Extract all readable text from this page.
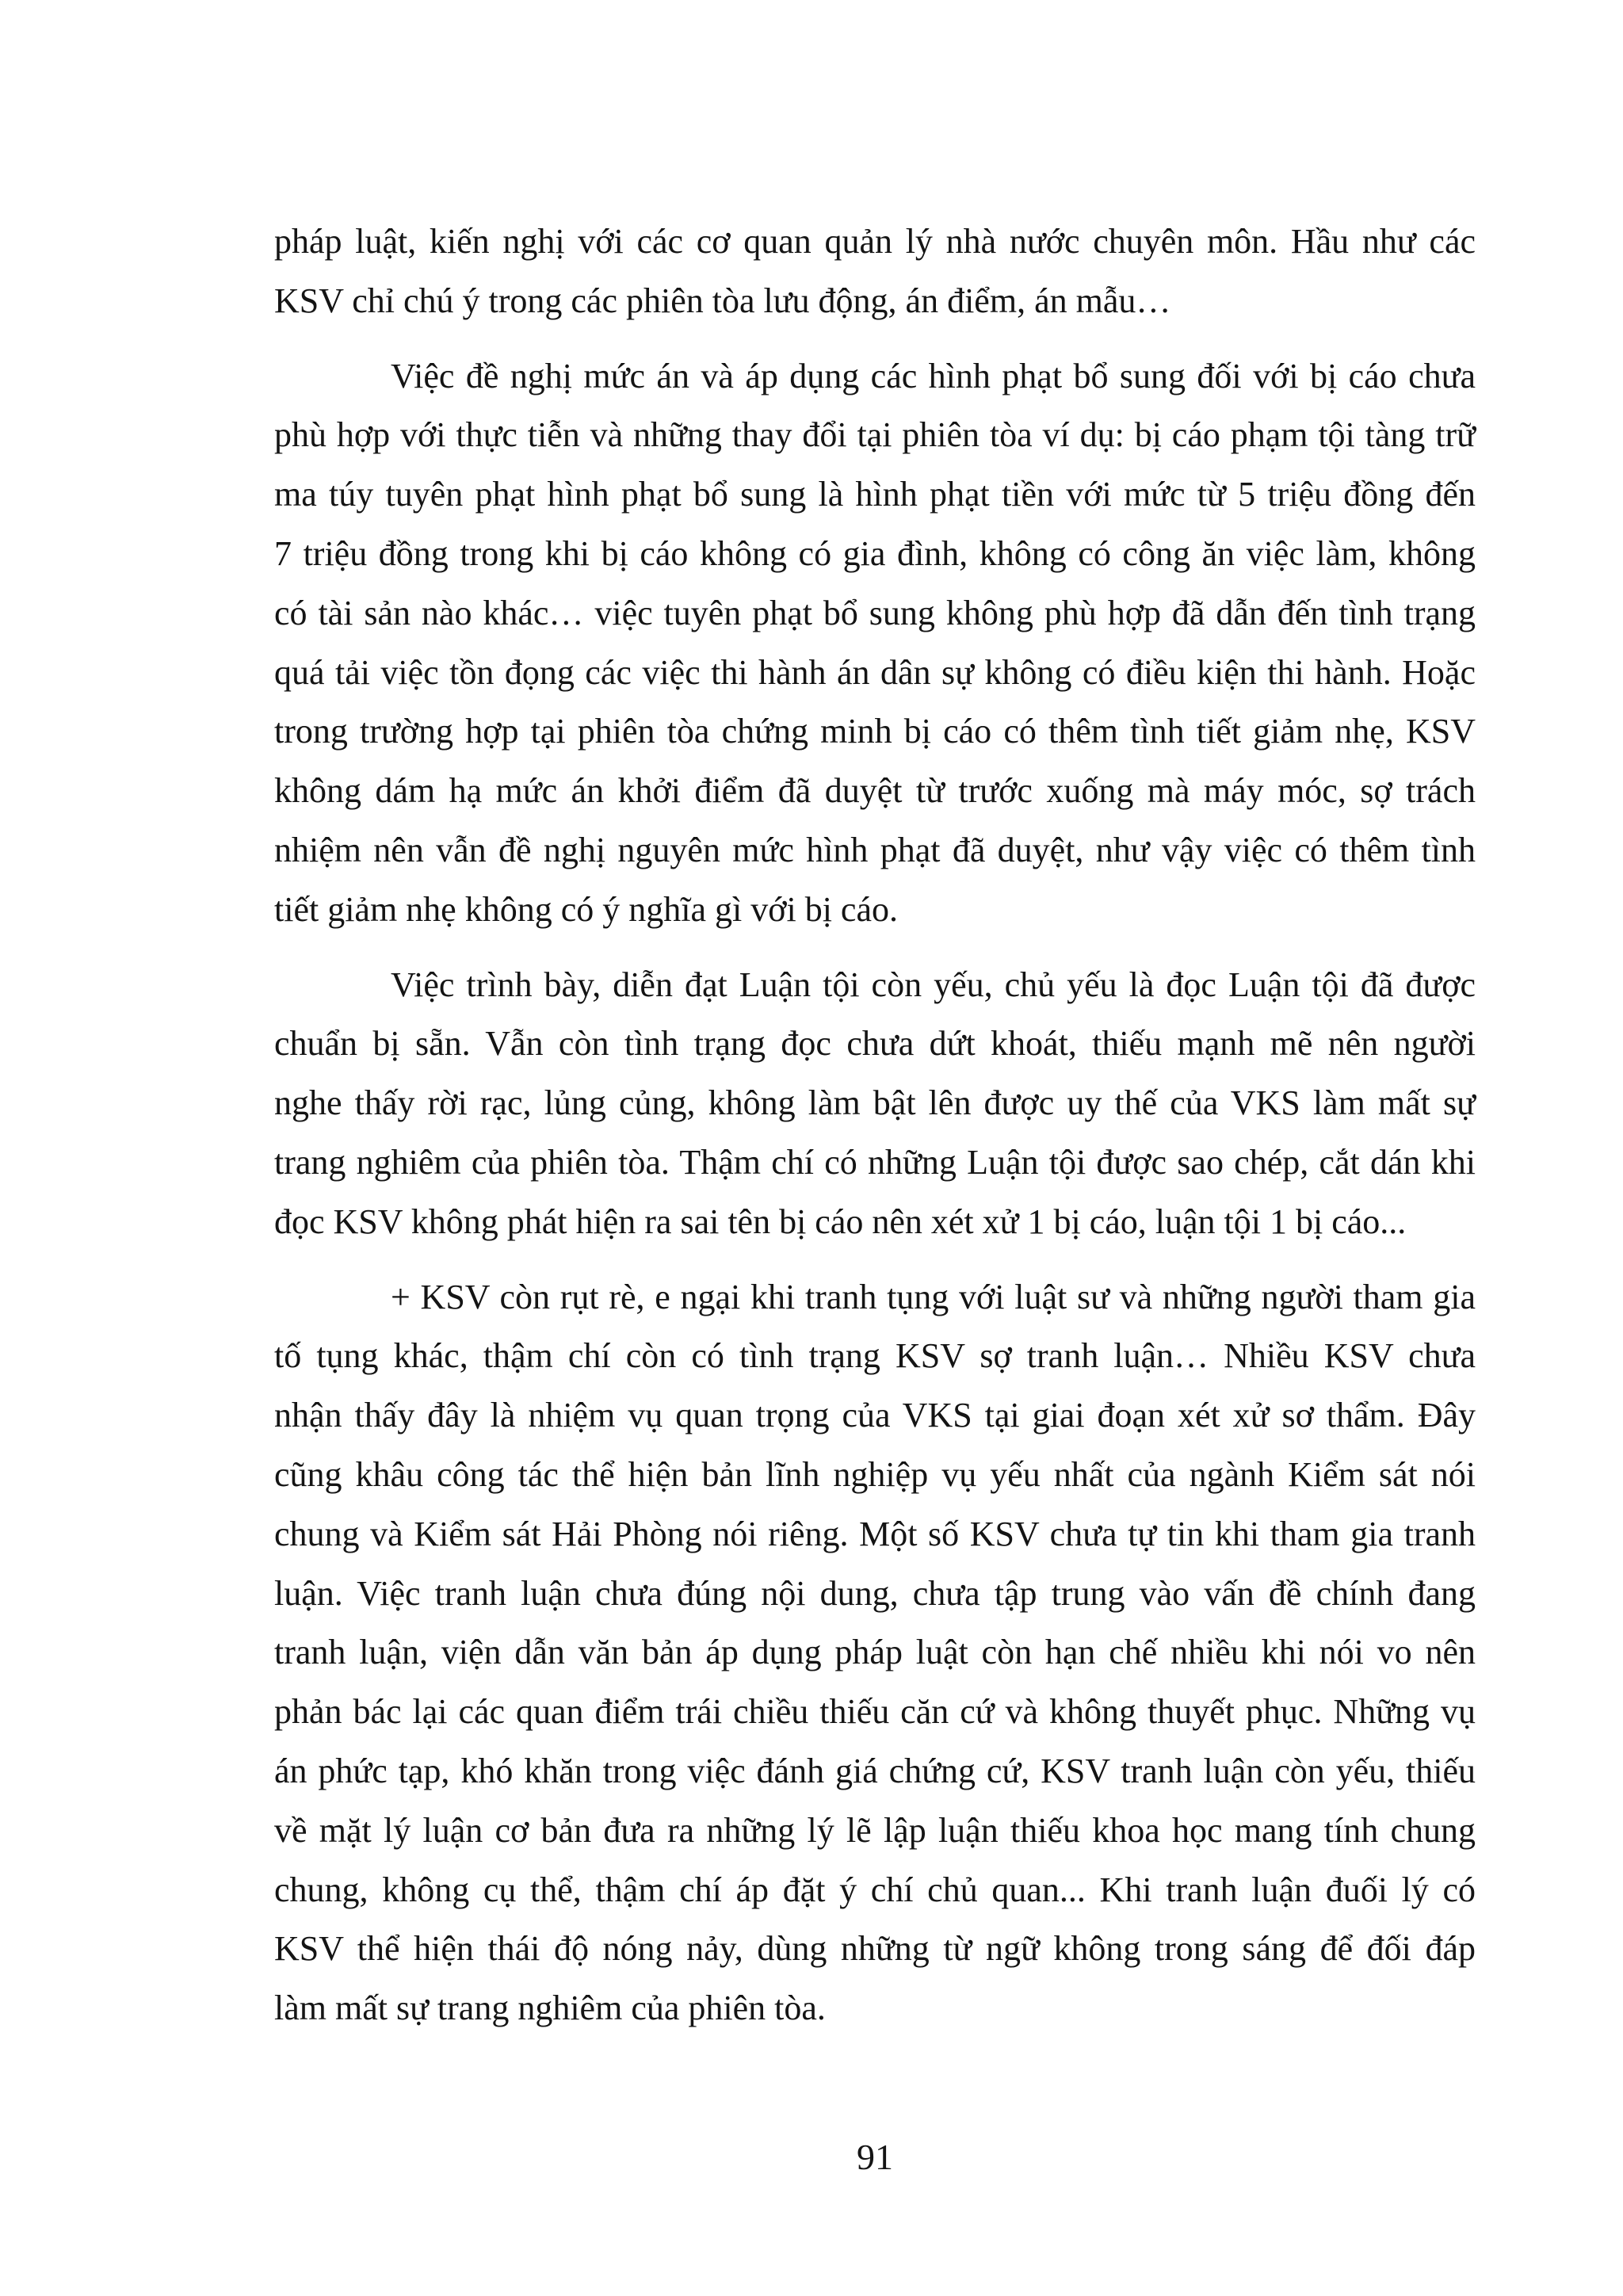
pháp luật, kiến nghị với các cơ quan quản lý nhà nước chuyên môn. Hầu như các
KSV chỉ chú ý trong các phiên tòa lưu động, án điểm, án mẫu…
Việc đề nghị mức án và áp dụng các hình phạt bổ sung đối với bị cáo chưa
phù hợp với thực tiễn và những thay đổi tại phiên tòa ví dụ: bị cáo phạm tội tàng trữ
ma túy tuyên phạt hình phạt bổ sung là hình phạt tiền với mức từ 5 triệu đồng đến
7 triệu đồng trong khi bị cáo không có gia đình, không có công ăn việc làm, không
có tài sản nào khác… việc tuyên phạt bổ sung không phù hợp đã dẫn đến tình trạng
quá tải việc tồn đọng các việc thi hành án dân sự không có điều kiện thi hành. Hoặc
trong trường hợp tại phiên tòa chứng minh bị cáo có thêm tình tiết giảm nhẹ, KSV
không dám hạ mức án khởi điểm đã duyệt từ trước xuống mà máy móc, sợ trách
nhiệm nên vẫn đề nghị nguyên mức hình phạt đã duyệt, như vậy việc có thêm tình
tiết giảm nhẹ không có ý nghĩa gì với bị cáo.
Việc trình bày, diễn đạt Luận tội còn yếu, chủ yếu là đọc Luận tội đã được
chuẩn bị sẵn. Vẫn còn tình trạng đọc chưa dứt khoát, thiếu mạnh mẽ nên người
nghe thấy rời rạc, lủng củng, không làm bật lên được uy thế của VKS làm mất sự
trang nghiêm của phiên tòa. Thậm chí có những Luận tội được sao chép, cắt dán khi
đọc KSV không phát hiện ra sai tên bị cáo nên xét xử 1 bị cáo, luận tội 1 bị cáo...
+ KSV còn rụt rè, e ngại khi tranh tụng với luật sư và những người tham gia
tố tụng khác, thậm chí còn có tình trạng KSV sợ tranh luận… Nhiều KSV chưa
nhận thấy đây là nhiệm vụ quan trọng của VKS tại giai đoạn xét xử sơ thẩm. Đây
cũng khâu công tác thể hiện bản lĩnh nghiệp vụ yếu nhất của ngành Kiểm sát nói
chung và Kiểm sát Hải Phòng nói riêng. Một số KSV chưa tự tin khi tham gia tranh
luận. Việc tranh luận chưa đúng nội dung, chưa tập trung vào vấn đề chính đang
tranh luận, viện dẫn văn bản áp dụng pháp luật còn hạn chế nhiều khi nói vo nên
phản bác lại các quan điểm trái chiều thiếu căn cứ và không thuyết phục. Những vụ
án phức tạp, khó khăn trong việc đánh giá chứng cứ, KSV tranh luận còn yếu, thiếu
về mặt lý luận cơ bản đưa ra những lý lẽ lập luận thiếu khoa học mang tính chung
chung, không cụ thể, thậm chí áp đặt ý chí chủ quan... Khi tranh luận đuối lý có
KSV thể hiện thái độ nóng nảy, dùng những từ ngữ không trong sáng để đối đáp
làm mất sự trang nghiêm của phiên tòa.
91
